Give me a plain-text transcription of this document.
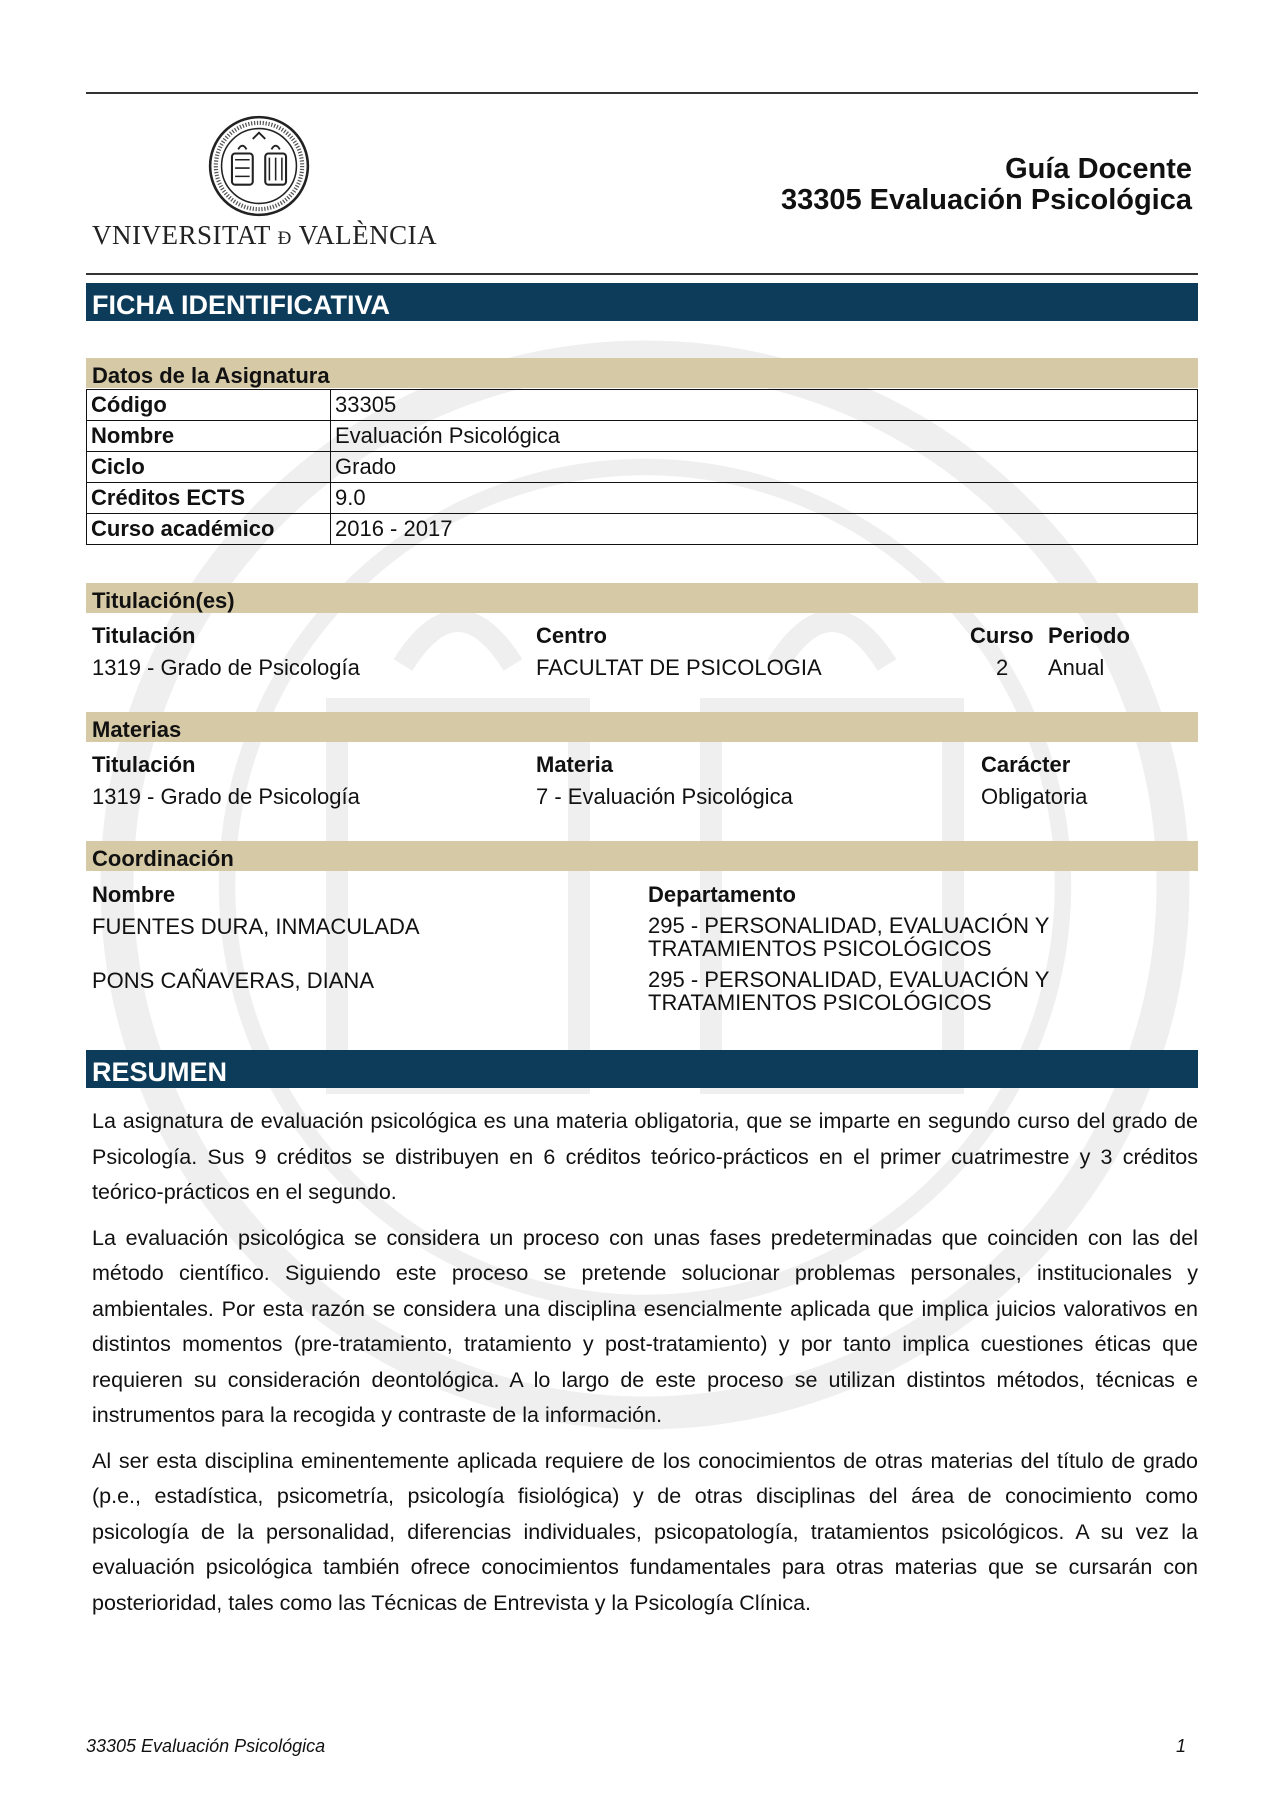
VNIVERSITAT ð VALÈNCIA
Guía Docente
33305 Evaluación Psicológica
FICHA IDENTIFICATIVA
Datos de la Asignatura
Código	33305
Nombre	Evaluación Psicológica
Ciclo	Grado
Créditos ECTS	9.0
Curso académico	2016 - 2017
Titulación(es)
Titulación	Centro	Curso Periodo
1319 - Grado de Psicología	FACULTAT DE PSICOLOGIA	2 Anual
Materias
Titulación	Materia	Carácter
1319 - Grado de Psicología	7 - Evaluación Psicológica	Obligatoria
Coordinación
Nombre	Departamento
FUENTES DURA, INMACULADA	295 - PERSONALIDAD, EVALUACIÓN Y
TRATAMIENTOS PSICOLÓGICOS
PONS CAÑAVERAS, DIANA	295 - PERSONALIDAD, EVALUACIÓN Y
TRATAMIENTOS PSICOLÓGICOS
RESUMEN

La asignatura de evaluación psicológica es una materia obligatoria, que se imparte en segundo curso del grado de Psicología. Sus 9 créditos se distribuyen en 6 créditos teórico-prácticos en el primer cuatrimestre y 3 créditos teórico-prácticos en el segundo.

La evaluación psicológica se considera un proceso con unas fases predeterminadas que coinciden con las del método científico. Siguiendo este proceso se pretende solucionar problemas personales, institucionales y ambientales. Por esta razón se considera una disciplina esencialmente aplicada que implica juicios valorativos en distintos momentos (pre-tratamiento, tratamiento y post-tratamiento) y por tanto implica cuestiones éticas que requieren su consideración deontológica. A lo largo de este proceso se utilizan distintos métodos, técnicas e instrumentos para la recogida y contraste de la información.

Al ser esta disciplina eminentemente aplicada requiere de los conocimientos de otras materias del título de grado (p.e., estadística, psicometría, psicología fisiológica) y de otras disciplinas del área de conocimiento como psicología de la personalidad, diferencias individuales, psicopatología, tratamientos psicológicos. A su vez la evaluación psicológica también ofrece conocimientos fundamentales para otras materias que se cursarán con posterioridad, tales como las Técnicas de Entrevista y la Psicología Clínica.

33305 Evaluación Psicológica	1
